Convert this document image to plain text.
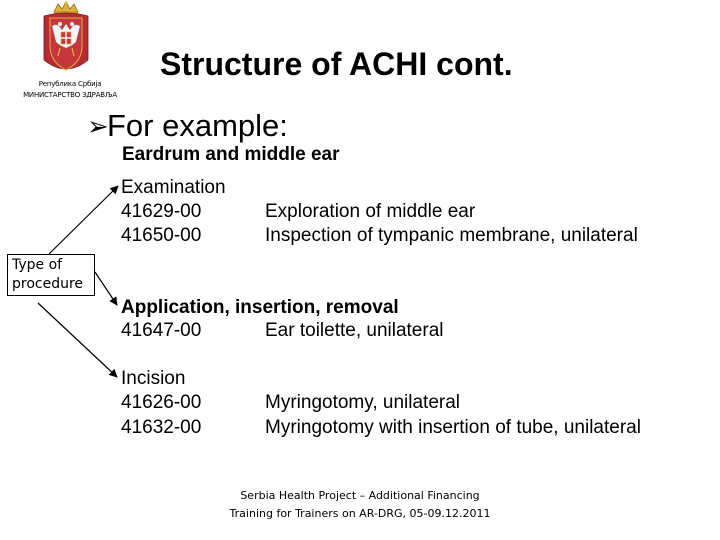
Република Србија
МИНИСТАРСТВО ЗДРАВЉА
Structure of ACHI cont.
➢For example:
Eardrum and middle ear
Examination
41629-00	Exploration of middle ear
41650-00	Inspection of tympanic membrane, unilateral
Application, insertion, removal
41647-00	Ear toilette, unilateral
Incision
41626-00	Myringotomy, unilateral
41632-00	Myringotomy with insertion of tube, unilateral
Type of
procedure
Serbia Health Project – Additional Financing
Training for Trainers on AR-DRG, 05-09.12.2011
